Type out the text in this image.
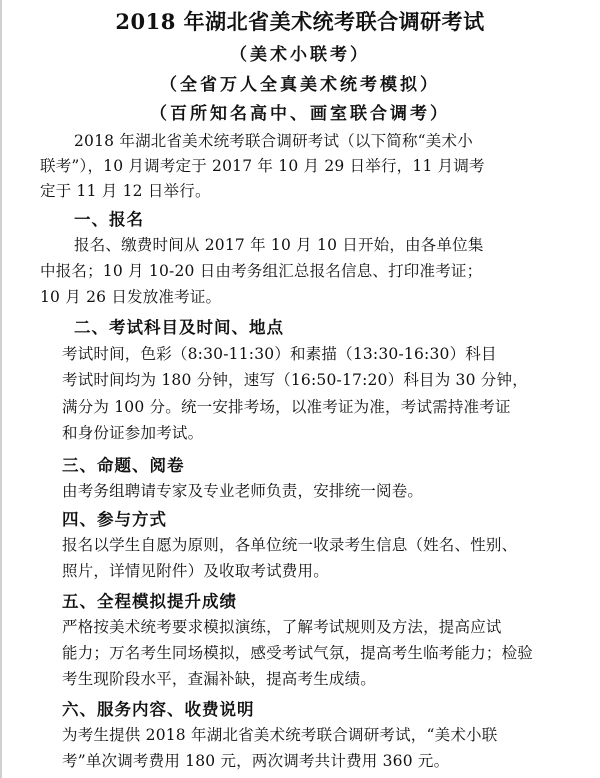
2018 年湖北省美术统考联合调研考试
（美术小联考）
（全省万人全真美术统考模拟）
（百所知名高中、画室联合调考）
2018 年湖北省美术统考联合调研考试（以下简称“美术小
联考”），10 月调考定于 2017 年 10 月 29 日举行，11 月调考
定于 11 月 12 日举行。
一、报名
报名、缴费时间从 2017 年 10 月 10 日开始，由各单位集
中报名；10 月 10-20 日由考务组汇总报名信息、打印准考证；
10 月 26 日发放准考证。
二、考试科目及时间、地点
考试时间，色彩（8:30-11:30）和素描（13:30-16:30）科目
考试时间均为 180 分钟，速写（16:50-17:20）科目为 30 分钟，
满分为 100 分。统一安排考场，以准考证为准，考试需持准考证
和身份证参加考试。
三、命题、阅卷
由考务组聘请专家及专业老师负责，安排统一阅卷。
四、参与方式
报名以学生自愿为原则，各单位统一收录考生信息（姓名、性别、
照片，详情见附件）及收取考试费用。
五、全程模拟提升成绩
严格按美术统考要求模拟演练，了解考试规则及方法，提高应试
能力；万名考生同场模拟，感受考试气氛，提高考生临考能力；检验
考生现阶段水平，查漏补缺，提高考生成绩。
六、服务内容、收费说明
为考生提供 2018 年湖北省美术统考联合调研考试，“美术小联
考”单次调考费用 180 元，两次调考共计费用 360 元。
